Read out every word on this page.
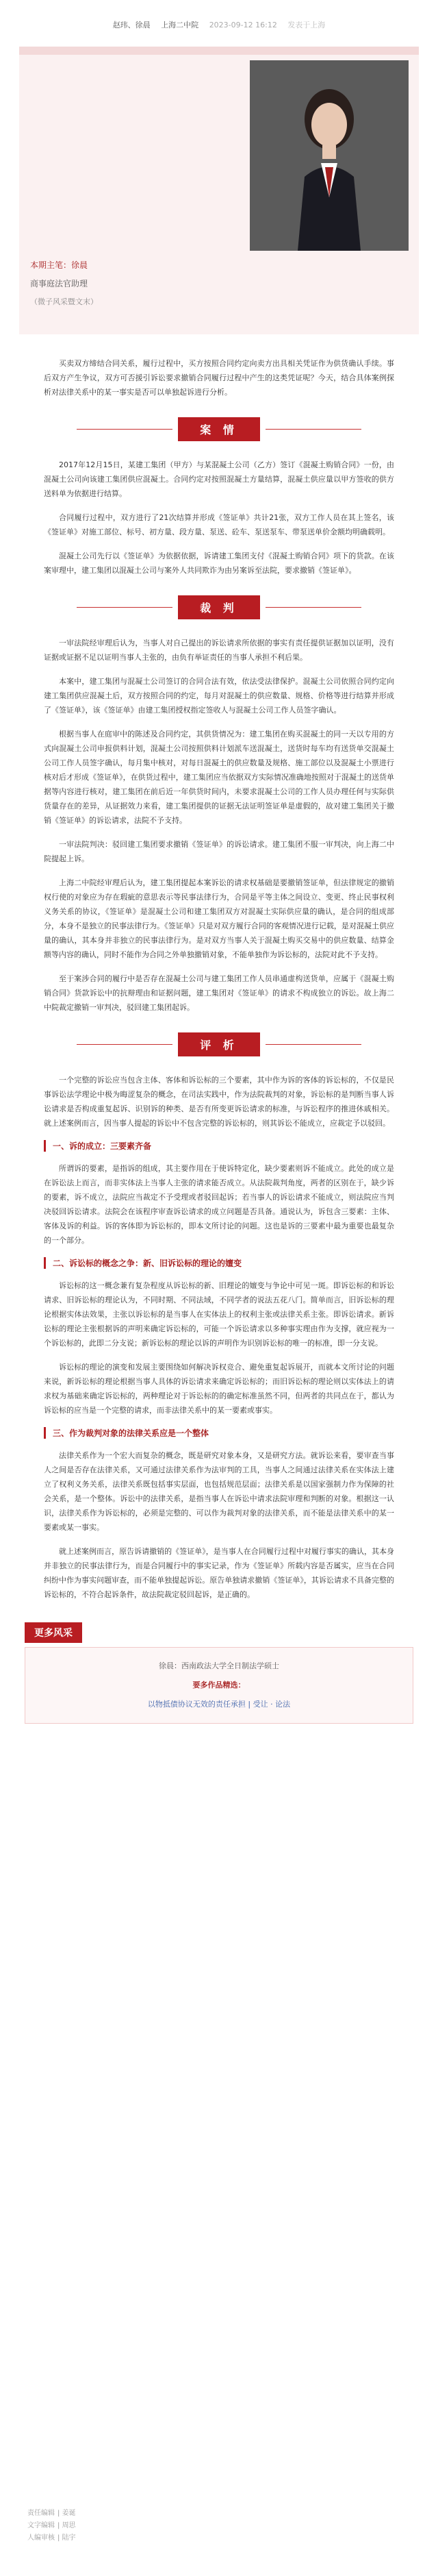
赵玮、徐晨 上海二中院 2023-09-12 16:12 发表于上海
本期主笔：徐晨
商事庭法官助理
（微子风采暨文末）

买卖双方缔结合同关系，履行过程中，买方按照合同约定向卖方出具相关凭证作为供货确认手续。事后双方产生争议，双方可否援引诉讼要求撤销合同履行过程中产生的这类凭证呢？今天，结合具体案例探析对法律关系中的某一事实是否可以单独起诉进行分析。

案 情

2017年12月15日，某建工集团（甲方）与某混凝土公司（乙方）签订《混凝土购销合同》一份，由混凝土公司向该建工集团供应混凝土。合同约定对按照混凝土方量结算，混凝土供应量以甲方签收的供方送料单为依据进行结算。

合同履行过程中，双方进行了21次结算并形成《签证单》共计21张，双方工作人员在其上签名，该《签证单》对施工部位、标号、初方量、段方量、泵送、砼车、泵送泵车、带泵送单价金额均明确载明。

混凝土公司先行以《签证单》为依据依据，诉请建工集团支付《混凝土购销合同》项下的货款。在该案审理中，建工集团以混凝土公司与案外人共同欺诈为由另案诉至法院，要求撤销《签证单》。

裁 判

一审法院经审理后认为，当事人对自己提出的诉讼请求所依据的事实有责任提供证据加以证明，没有证据或证据不足以证明当事人主张的，由负有举证责任的当事人承担不利后果。

本案中，建工集团与混凝土公司签订的合同合法有效，依法受法律保护。混凝土公司依照合同约定向建工集团供应混凝土后，双方按照合同的约定，每月对混凝土的供应数量、规格、价格等进行结算并形成了《签证单》，该《签证单》由建工集团授权指定签收人与混凝土公司工作人员签字确认。

根据当事人在庭审中的陈述及合同约定，其供货情况为：建工集团在购买混凝土的同一天以专用的方式向混凝土公司申报供料计划，混凝土公司按照供料计划派车送混凝土，送货时每车均有送货单交混凝土公司工作人员签字确认，每月集中核对，对每日混凝土的供应数量及规格、施工部位以及混凝土小票进行核对后才形成《签证单》，在供货过程中，建工集团应当依据双方实际情况准确地按照对于混凝土的送货单据等内容进行核对，建工集团在前后近一年供货时间内，未要求混凝土公司的工作人员办理任何与实际供货量存在的差异，从证据效力来看，建工集团提供的证据无法证明签证单是虚假的，故对建工集团关于撤销《签证单》的诉讼请求，法院不予支持。

一审法院判决：驳回建工集团要求撤销《签证单》的诉讼请求。建工集团不服一审判决，向上海二中院提起上诉。

上海二中院经审理后认为，建工集团提起本案诉讼的请求权基础是要撤销签证单，但法律规定的撤销权行使的对象应为存在瑕疵的意思表示等民事法律行为，合同是平等主体之间设立、变更、终止民事权利义务关系的协议，《签证单》是混凝土公司和建工集团双方对混凝土实际供应量的确认，是合同的组成部分，本身不是独立的民事法律行为。《签证单》只是对双方履行合同的客观情况进行记载，是对混凝土供应量的确认，其本身并非独立的民事法律行为。是对双方当事人关于混凝土购买交易中的供应数量、结算金额等内容的确认，同时不能作为合同之外单独撤销对象，不能单独作为诉讼标的，法院对此不予支持。

至于案涉合同的履行中是否存在混凝土公司与建工集团工作人员串通虚构送货单，应属于《混凝土购销合同》货款诉讼中的抗辩理由和证据问题，建工集团对《签证单》的请求不构成独立的诉讼。故上海二中院裁定撤销一审判决，驳回建工集团起诉。

评 析

一个完整的诉讼应当包含主体、客体和诉讼标的三个要素，其中作为诉的客体的诉讼标的，不仅是民事诉讼法学理论中极为晦涩复杂的概念，在司法实践中，作为法院裁判的对象，诉讼标的是判断当事人诉讼请求是否构成重复起诉、识别诉的种类、是否有所变更诉讼请求的标准，与诉讼程序的推进休戚相关。就上述案例而言，因当事人提起的诉讼中不包含完整的诉讼标的，则其诉讼不能成立，应裁定予以驳回。

一、诉的成立：三要素齐备

所谓诉的要素，是指诉的组成，其主要作用在于使诉特定化，缺少要素则诉不能成立。此处的成立是在诉讼法上而言，而非实体法上当事人主张的请求能否成立。从法院裁判角度，两者的区别在于，缺少诉的要素，诉不成立，法院应当裁定不予受理或者驳回起诉；若当事人的诉讼请求不能成立，则法院应当判决驳回诉讼请求。法院会在该程序审查诉讼请求的成立问题是否具备。通说认为，诉包含三要素：主体、客体及诉的利益。诉的客体即为诉讼标的，即本文所讨论的问题。这也是诉的三要素中最为重要也最复杂的一个部分。

二、诉讼标的概念之争：新、旧诉讼标的理论的嬗变

诉讼标的这一概念兼有复杂程度从诉讼标的新、旧理论的嬗变与争论中可见一斑。即诉讼标的和诉讼请求、旧诉讼标的理论认为，不同时期、不同法域，不同学者的说法五花八门。简单而言，旧诉讼标的理论根据实体法效果，主张以诉讼标的是当事人在实体法上的权利主张或法律关系主张。即诉讼请求。新诉讼标的理论主张根据诉的声明来确定诉讼标的，可能一个诉讼请求以多种事实理由作为支撑，就应视为一个诉讼标的，此即二分支说；新诉讼标的理论以诉的声明作为识别诉讼标的唯一的标准，即一分支说。

诉讼标的理论的演变和发展主要围绕如何解决诉权竞合、避免重复起诉展开，而就本文所讨论的问题来说，新诉讼标的理论根据当事人具体的诉讼请求来确定诉讼标的；而旧诉讼标的理论则以实体法上的请求权为基础来确定诉讼标的，两种理论对于诉讼标的的确定标准虽然不同，但两者的共同点在于，都认为诉讼标的应当是一个完整的请求，而非法律关系中的某一要素或事实。

三、作为裁判对象的法律关系应是一个整体

法律关系作为一个宏大而复杂的概念，既是研究对象本身，又是研究方法。就诉讼来看，要审查当事人之间是否存在法律关系，又可通过法律关系作为法审判的工具，当事人之间通过法律关系在实体法上建立了权利义务关系，法律关系既包括事实层面，也包括规范层面；法律关系是以国家强制力作为保障的社会关系，是一个整体。诉讼中的法律关系，是指当事人在诉讼中请求法院审理和判断的对象。根据这一认识，法律关系作为诉讼标的，必须是完整的、可以作为裁判对象的法律关系，而不能是法律关系中的某一要素或某一事实。

就上述案例而言，原告诉请撤销的《签证单》，是当事人在合同履行过程中对履行事实的确认，其本身并非独立的民事法律行为，而是合同履行中的事实记录，作为《签证单》所载内容是否属实，应当在合同纠纷中作为事实问题审查，而不能单独提起诉讼。原告单独请求撤销《签证单》，其诉讼请求不具备完整的诉讼标的，不符合起诉条件，故法院裁定驳回起诉，是正确的。

更多风采
徐晨：西南政法大学全日制法学硕士
要多作品精选：
以物抵债协议无效的责任承担 | 受让 · 论法
责任编辑 | 姜诞
文字编辑 | 周思
人编审核 | 陆宇
